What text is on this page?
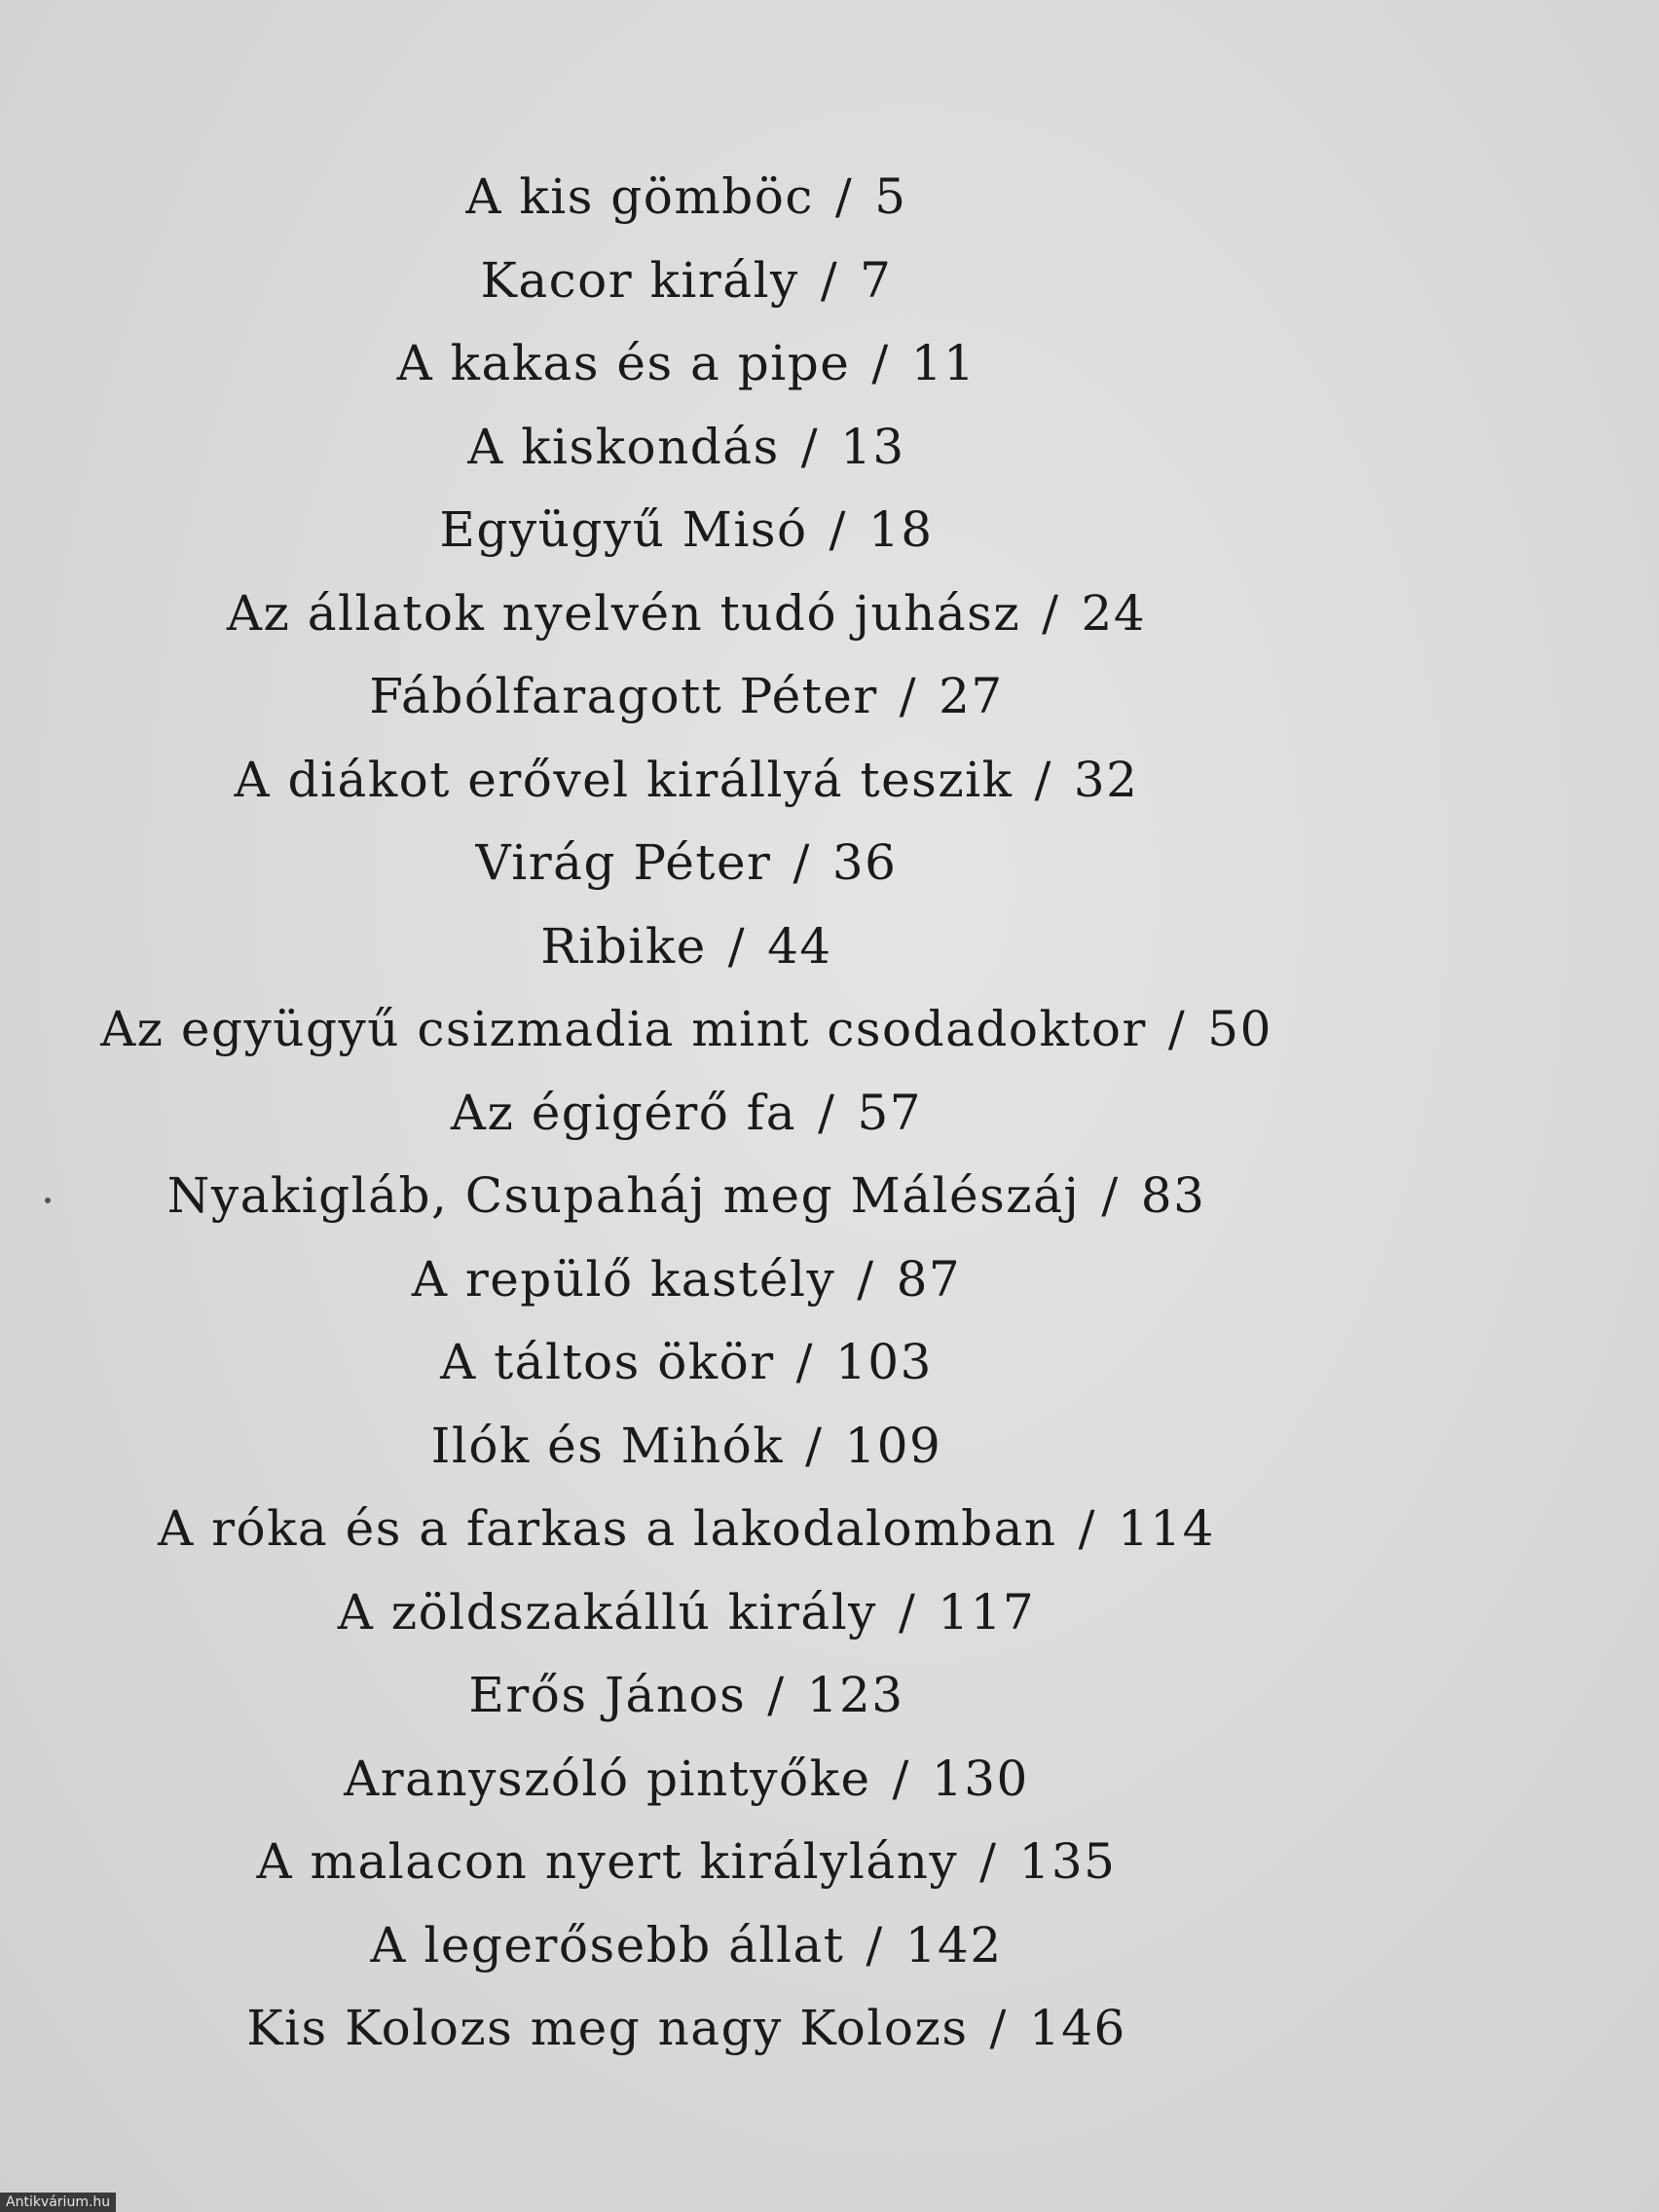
A kis gömböc / 5
Kacor király / 7
A kakas és a pipe / 11
A kiskondás / 13
Együgyű Misó / 18
Az állatok nyelvén tudó juhász / 24
Fábólfaragott Péter / 27
A diákot erővel királlyá teszik / 32
Virág Péter / 36
Ribike / 44
Az együgyű csizmadia mint csodadoktor / 50
Az égigérő fa / 57
Nyakigláb, Csupaháj meg Málészáj / 83
A repülő kastély / 87
A táltos ökör / 103
Ilók és Mihók / 109
A róka és a farkas a lakodalomban / 114
A zöldszakállú király / 117
Erős János / 123
Aranyszóló pintyőke / 130
A malacon nyert királylány / 135
A legerősebb állat / 142
Kis Kolozs meg nagy Kolozs / 146
Antikvárium.hu
